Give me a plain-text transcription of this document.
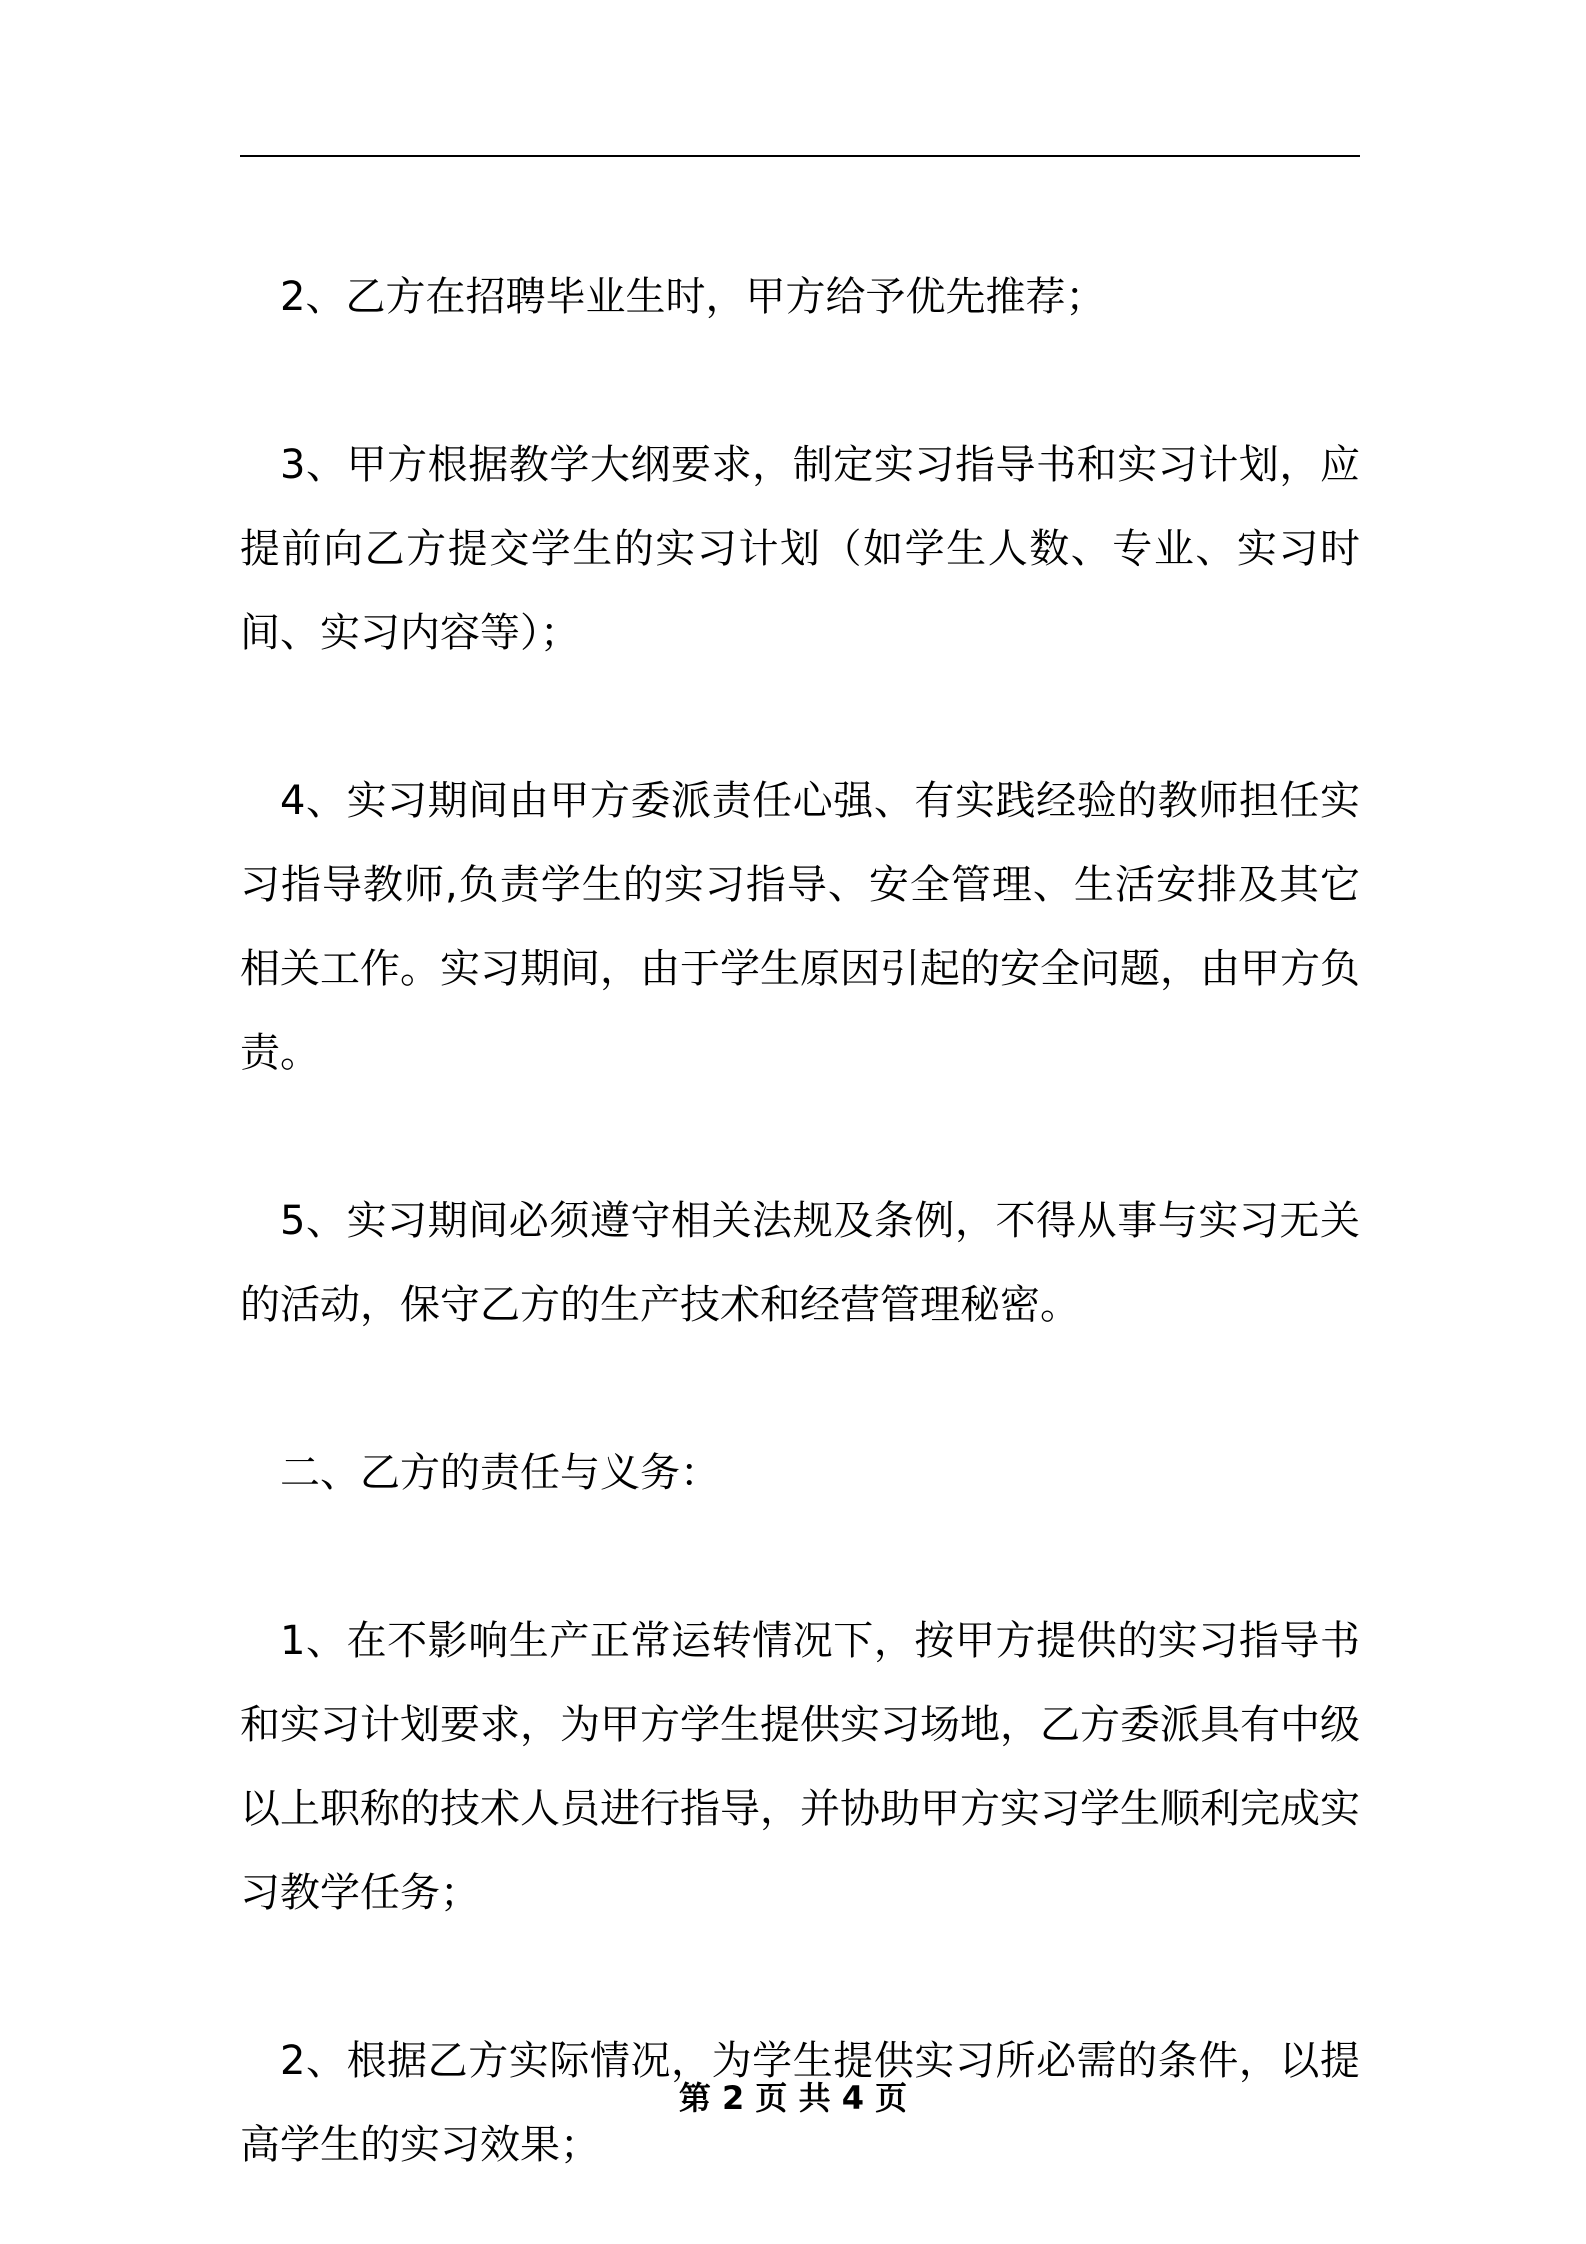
2、乙方在招聘毕业生时，甲方给予优先推荐；

3、甲方根据教学大纲要求，制定实习指导书和实习计划，应提前向乙方提交学生的实习计划（如学生人数、专业、实习时间、实习内容等）；

4、实习期间由甲方委派责任心强、有实践经验的教师担任实习指导教师,负责学生的实习指导、安全管理、生活安排及其它相关工作。实习期间，由于学生原因引起的安全问题，由甲方负责。

5、实习期间必须遵守相关法规及条例，不得从事与实习无关的活动，保守乙方的生产技术和经营管理秘密。

二、乙方的责任与义务：

1、在不影响生产正常运转情况下，按甲方提供的实习指导书和实习计划要求，为甲方学生提供实习场地，乙方委派具有中级以上职称的技术人员进行指导，并协助甲方实习学生顺利完成实习教学任务；

2、根据乙方实际情况，为学生提供实习所必需的条件，以提高学生的实习效果；

第 2 页 共 4 页
